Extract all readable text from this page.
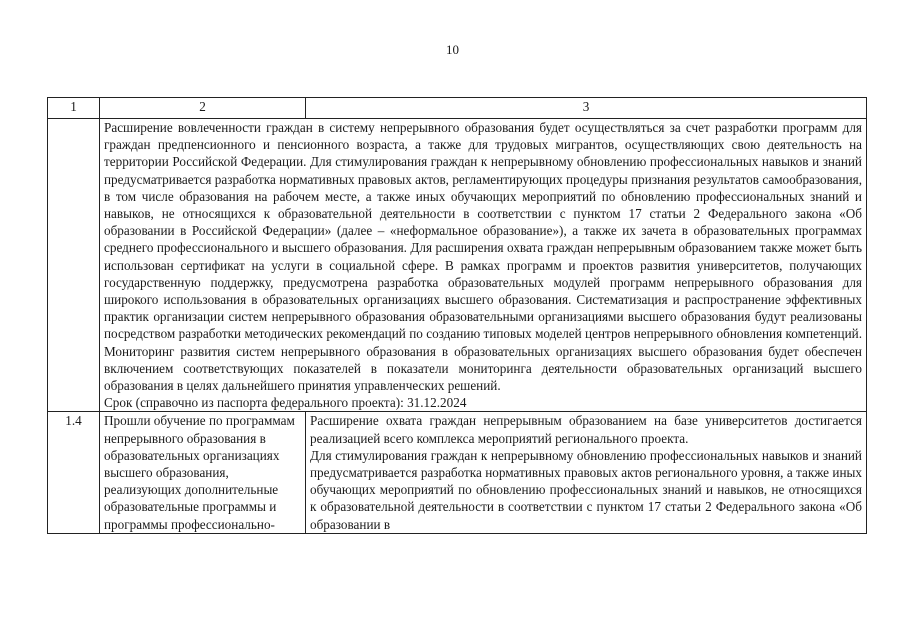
10
1	2	3

	Расширение вовлеченности граждан в систему непрерывного образования будет осуществляться за счет разработки программ для граждан предпенсионного и пенсионного возраста, а также для трудовых мигрантов, осуществляющих свою деятельность на территории Российской Федерации. Для стимулирования граждан к непрерывному обновлению профессиональных навыков и знаний предусматривается разработка нормативных правовых актов, регламентирующих процедуры признания результатов самообразования, в том числе образования на рабочем месте, а также иных обучающих мероприятий по обновлению профессиональных знаний и навыков, не относящихся к образовательной деятельности в соответствии с пунктом 17 статьи 2 Федерального закона «Об образовании в Российской Федерации» (далее – «неформальное образование»), а также их зачета в образовательных программах среднего профессионального и высшего образования. Для расширения охвата граждан непрерывным образованием также может быть использован сертификат на услуги в социальной сфере. В рамках программ и проектов развития университетов, получающих государственную поддержку, предусмотрена разработка образовательных модулей программ непрерывного образования для широкого использования в образовательных организациях высшего образования. Систематизация и распространение эффективных практик организации систем непрерывного образования образовательными организациями высшего образования будут реализованы посредством разработки методических рекомендаций по созданию типовых моделей центров непрерывного обновления компетенций. Мониторинг развития систем непрерывного образования в образовательных организациях высшего образования будет обеспечен включением соответствующих показателей в показатели мониторинга деятельности образовательных организаций высшего образования в целях дальнейшего принятия управленческих решений.

Срок (справочно из паспорта федерального проекта): 31.12.2024	

1.4	Прошли обучение по программам непрерывного образования в образовательных организациях высшего образования, реализующих дополнительные образовательные программы и программы профессионально-	Расширение охвата граждан непрерывным образованием на базе университетов достигается реализацией всего комплекса мероприятий регионального проекта.

Для стимулирования граждан к непрерывному обновлению профессиональных навыков и знаний предусматривается разработка нормативных правовых актов регионального уровня, а также иных обучающих мероприятий по обновлению профессиональных знаний и навыков, не относящихся к образовательной деятельности в соответствии с пунктом 17 статьи 2 Федерального закона «Об образовании в
